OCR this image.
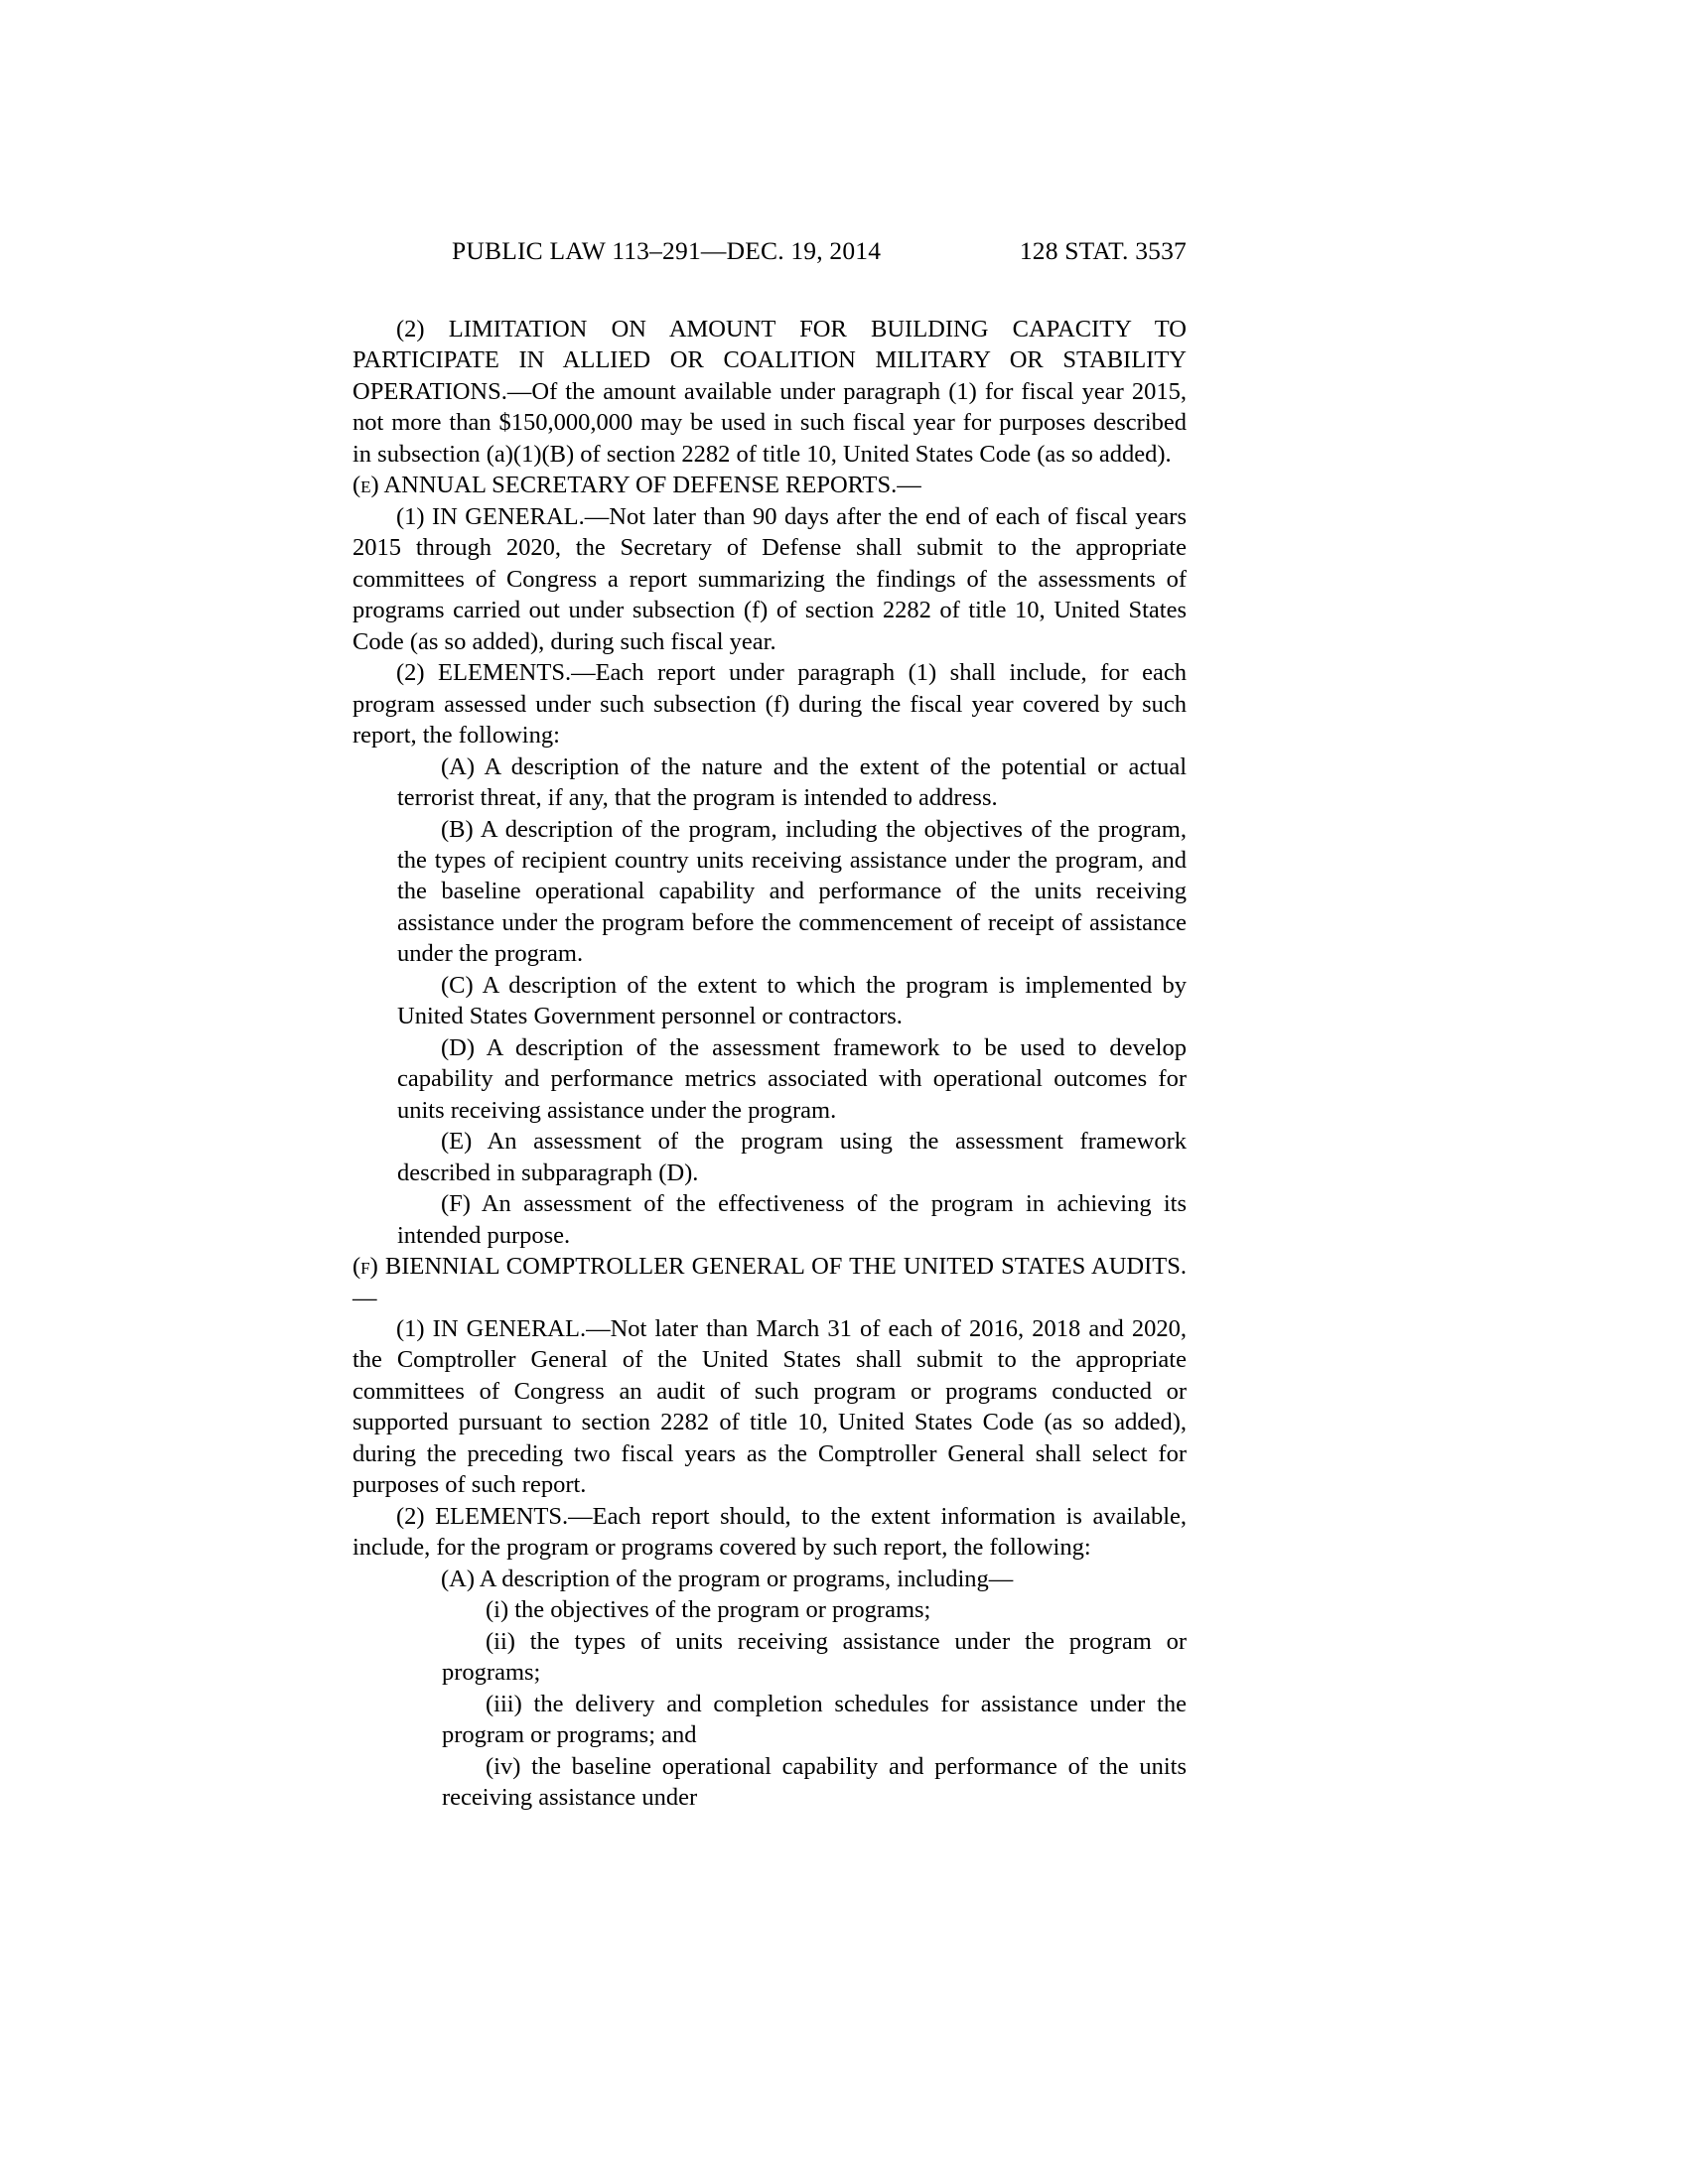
PUBLIC LAW 113–291—DEC. 19, 2014	128 STAT. 3537

(2) LIMITATION ON AMOUNT FOR BUILDING CAPACITY TO PARTICIPATE IN ALLIED OR COALITION MILITARY OR STABILITY OPERATIONS.—Of the amount available under paragraph (1) for fiscal year 2015, not more than $150,000,000 may be used in such fiscal year for purposes described in subsection (a)(1)(B) of section 2282 of title 10, United States Code (as so added).

(e) ANNUAL SECRETARY OF DEFENSE REPORTS.—

(1) IN GENERAL.—Not later than 90 days after the end of each of fiscal years 2015 through 2020, the Secretary of Defense shall submit to the appropriate committees of Congress a report summarizing the findings of the assessments of programs carried out under subsection (f) of section 2282 of title 10, United States Code (as so added), during such fiscal year.

(2) ELEMENTS.—Each report under paragraph (1) shall include, for each program assessed under such subsection (f) during the fiscal year covered by such report, the following:

(A) A description of the nature and the extent of the potential or actual terrorist threat, if any, that the program is intended to address.

(B) A description of the program, including the objectives of the program, the types of recipient country units receiving assistance under the program, and the baseline operational capability and performance of the units receiving assistance under the program before the commencement of receipt of assistance under the program.

(C) A description of the extent to which the program is implemented by United States Government personnel or contractors.

(D) A description of the assessment framework to be used to develop capability and performance metrics associated with operational outcomes for units receiving assistance under the program.

(E) An assessment of the program using the assessment framework described in subparagraph (D).

(F) An assessment of the effectiveness of the program in achieving its intended purpose.

(f) BIENNIAL COMPTROLLER GENERAL OF THE UNITED STATES AUDITS.—

(1) IN GENERAL.—Not later than March 31 of each of 2016, 2018 and 2020, the Comptroller General of the United States shall submit to the appropriate committees of Congress an audit of such program or programs conducted or supported pursuant to section 2282 of title 10, United States Code (as so added), during the preceding two fiscal years as the Comptroller General shall select for purposes of such report.

(2) ELEMENTS.—Each report should, to the extent information is available, include, for the program or programs covered by such report, the following:

(A) A description of the program or programs, including—

(i) the objectives of the program or programs;

(ii) the types of units receiving assistance under the program or programs;

(iii) the delivery and completion schedules for assistance under the program or programs; and

(iv) the baseline operational capability and performance of the units receiving assistance under
